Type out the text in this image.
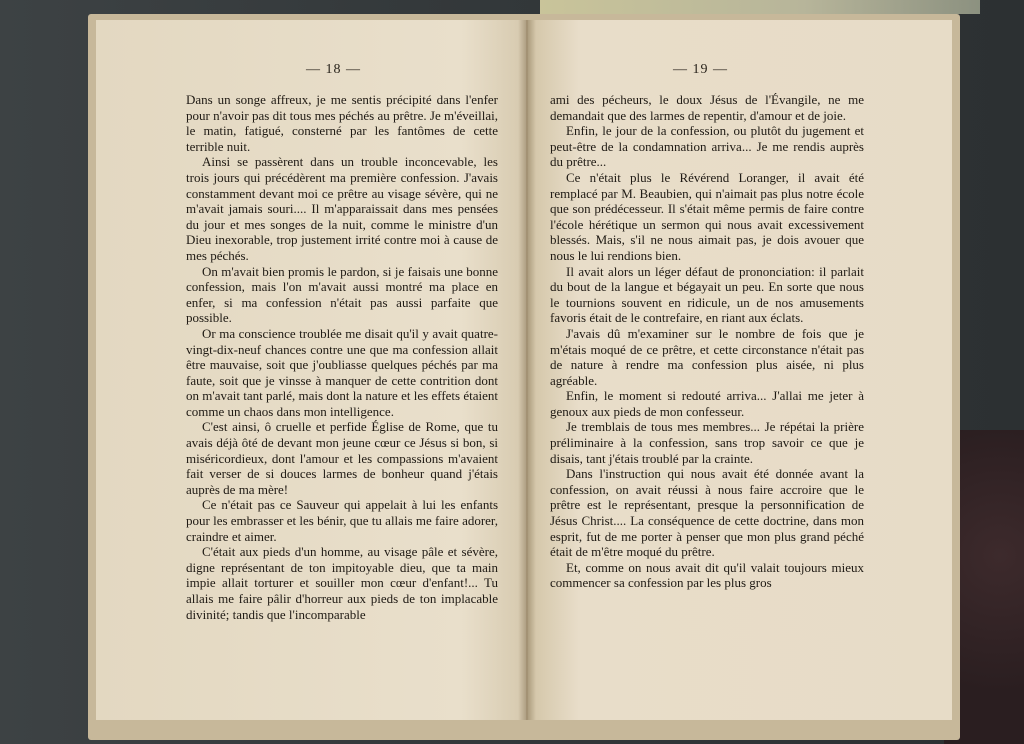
— 18 —

Dans un songe affreux, je me sentis précipité dans l'enfer pour n'avoir pas dit tous mes péchés au prêtre. Je m'éveillai, le matin, fatigué, consterné par les fantômes de cette terrible nuit.

Ainsi se passèrent dans un trouble inconcevable, les trois jours qui précédèrent ma première confession. J'avais constamment devant moi ce prêtre au visage sévère, qui ne m'avait jamais souri.... Il m'apparaissait dans mes pensées du jour et mes songes de la nuit, comme le ministre d'un Dieu inexorable, trop justement irrité contre moi à cause de mes péchés.

On m'avait bien promis le pardon, si je faisais une bonne confession, mais l'on m'avait aussi montré ma place en enfer, si ma confession n'était pas aussi parfaite que possible.

Or ma conscience troublée me disait qu'il y avait quatre-vingt-dix-neuf chances contre une que ma confession allait être mauvaise, soit que j'oubliasse quelques péchés par ma faute, soit que je vinsse à manquer de cette contrition dont on m'avait tant parlé, mais dont la nature et les effets étaient comme un chaos dans mon intelligence.

C'est ainsi, ô cruelle et perfide Église de Rome, que tu avais déjà ôté de devant mon jeune cœur ce Jésus si bon, si miséricordieux, dont l'amour et les compassions m'avaient fait verser de si douces larmes de bonheur quand j'étais auprès de ma mère!

Ce n'était pas ce Sauveur qui appelait à lui les enfants pour les embrasser et les bénir, que tu allais me faire adorer, craindre et aimer.

C'était aux pieds d'un homme, au visage pâle et sévère, digne représentant de ton impitoyable dieu, que ta main impie allait torturer et souiller mon cœur d'enfant!... Tu allais me faire pâlir d'horreur aux pieds de ton implacable divinité; tandis que l'incomparable

— 19 —

ami des pécheurs, le doux Jésus de l'Évangile, ne me demandait que des larmes de repentir, d'amour et de joie.

Enfin, le jour de la confession, ou plutôt du jugement et peut-être de la condamnation arriva... Je me rendis auprès du prêtre...

Ce n'était plus le Révérend Loranger, il avait été remplacé par M. Beaubien, qui n'aimait pas plus notre école que son prédécesseur. Il s'était même permis de faire contre l'école hérétique un sermon qui nous avait excessivement blessés. Mais, s'il ne nous aimait pas, je dois avouer que nous le lui rendions bien.

Il avait alors un léger défaut de prononciation: il parlait du bout de la langue et bégayait un peu. En sorte que nous le tournions souvent en ridicule, un de nos amusements favoris était de le contrefaire, en riant aux éclats.

J'avais dû m'examiner sur le nombre de fois que je m'étais moqué de ce prêtre, et cette circonstance n'était pas de nature à rendre ma confession plus aisée, ni plus agréable.

Enfin, le moment si redouté arriva... J'allai me jeter à genoux aux pieds de mon confesseur.

Je tremblais de tous mes membres... Je répétai la prière préliminaire à la confession, sans trop savoir ce que je disais, tant j'étais troublé par la crainte.

Dans l'instruction qui nous avait été donnée avant la confession, on avait réussi à nous faire accroire que le prêtre est le représentant, presque la personnification de Jésus Christ.... La conséquence de cette doctrine, dans mon esprit, fut de me porter à penser que mon plus grand péché était de m'être moqué du prêtre.

Et, comme on nous avait dit qu'il valait toujours mieux commencer sa confession par les plus gros
